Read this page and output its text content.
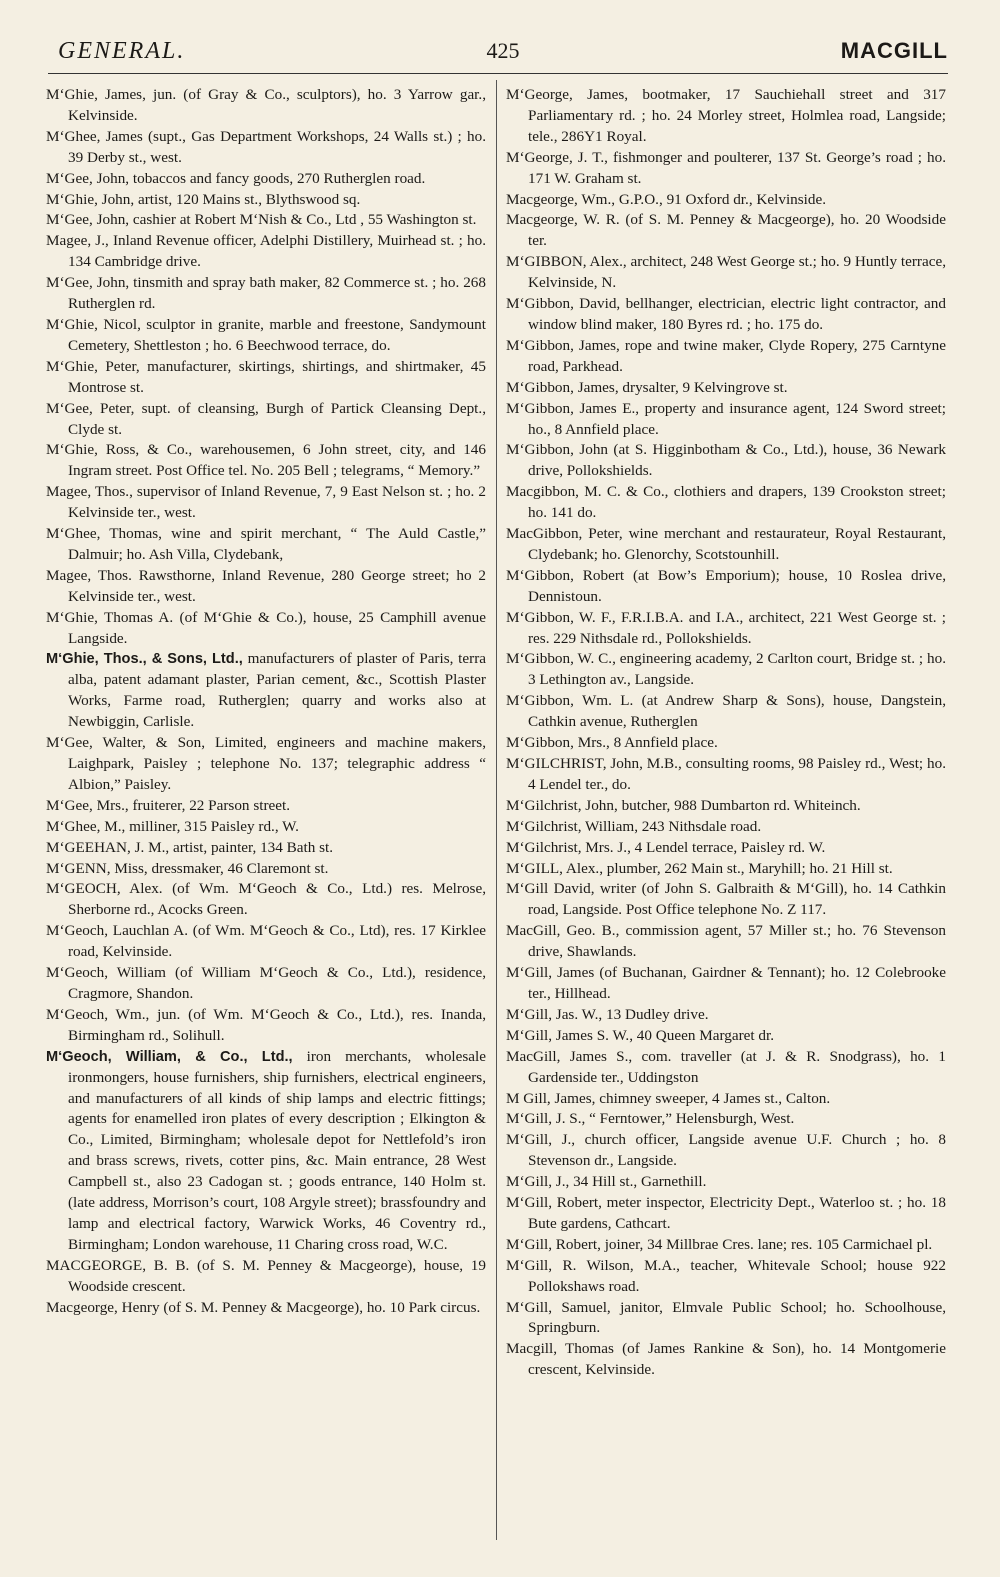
425
GENERAL.	MACGILL

M‘Ghie, James, jun. (of Gray & Co., sculptors), ho. 3 Yarrow gar., Kelvinside.

M‘Ghee, James (supt., Gas Department Workshops, 24 Walls st.) ; ho. 39 Derby st., west.

M‘Gee, John, tobaccos and fancy goods, 270 Rutherglen road.

M‘Ghie, John, artist, 120 Mains st., Blythswood sq.

M‘Gee, John, cashier at Robert M‘Nish & Co., Ltd , 55 Washington st.

Magee, J., Inland Revenue officer, Adelphi Distillery, Muirhead st. ; ho. 134 Cambridge drive.

M‘Gee, John, tinsmith and spray bath maker, 82 Commerce st. ; ho. 268 Rutherglen rd.

M‘Ghie, Nicol, sculptor in granite, marble and freestone, Sandymount Cemetery, Shettleston ; ho. 6 Beechwood terrace, do.

M‘Ghie, Peter, manufacturer, skirtings, shirtings, and shirtmaker, 45 Montrose st.

M‘Gee, Peter, supt. of cleansing, Burgh of Partick Cleansing Dept., Clyde st.

M‘Ghie, Ross, & Co., warehousemen, 6 John street, city, and 146 Ingram street. Post Office tel. No. 205 Bell ; telegrams, “ Memory.”

Magee, Thos., supervisor of Inland Revenue, 7, 9 East Nelson st. ; ho. 2 Kelvinside ter., west.

M‘Ghee, Thomas, wine and spirit merchant, “ The Auld Castle,” Dalmuir; ho. Ash Villa, Clydebank,

Magee, Thos. Rawsthorne, Inland Revenue, 280 George street; ho 2 Kelvinside ter., west.

M‘Ghie, Thomas A. (of M‘Ghie & Co.), house, 25 Camphill avenue Langside.

M‘Ghie, Thos., & Sons, Ltd., manufacturers of plaster of Paris, terra alba, patent adamant plaster, Parian cement, &c., Scottish Plaster Works, Farme road, Rutherglen; quarry and works also at Newbiggin, Carlisle.

M‘Gee, Walter, & Son, Limited, engineers and machine makers, Laighpark, Paisley ; telephone No. 137; telegraphic address “ Albion,” Paisley.

M‘Gee, Mrs., fruiterer, 22 Parson street.

M‘Ghee, M., milliner, 315 Paisley rd., W.

M‘GEEHAN, J. M., artist, painter, 134 Bath st.

M‘GENN, Miss, dressmaker, 46 Claremont st.

M‘GEOCH, Alex. (of Wm. M‘Geoch & Co., Ltd.) res. Melrose, Sherborne rd., Acocks Green.

M‘Geoch, Lauchlan A. (of Wm. M‘Geoch & Co., Ltd), res. 17 Kirklee road, Kelvinside.

M‘Geoch, William (of William M‘Geoch & Co., Ltd.), residence, Cragmore, Shandon.

M‘Geoch, Wm., jun. (of Wm. M‘Geoch & Co., Ltd.), res. Inanda, Birmingham rd., Solihull.

M‘Geoch, William, & Co., Ltd., iron merchants, wholesale ironmongers, house furnishers, ship furnishers, electrical engineers, and manufacturers of all kinds of ship lamps and electric fittings; agents for enamelled iron plates of every description ; Elkington & Co., Limited, Birmingham; wholesale depot for Nettlefold’s iron and brass screws, rivets, cotter pins, &c. Main entrance, 28 West Campbell st., also 23 Cadogan st. ; goods entrance, 140 Holm st. (late address, Morrison’s court, 108 Argyle street); brassfoundry and lamp and electrical factory, Warwick Works, 46 Coventry rd., Birmingham; London warehouse, 11 Charing cross road, W.C.

MACGEORGE, B. B. (of S. M. Penney & Macgeorge), house, 19 Woodside crescent.

Macgeorge, Henry (of S. M. Penney & Macgeorge), ho. 10 Park circus.

M‘George, James, bootmaker, 17 Sauchiehall street and 317 Parliamentary rd. ; ho. 24 Morley street, Holmlea road, Langside; tele., 286Y1 Royal.

M‘George, J. T., fishmonger and poulterer, 137 St. George’s road ; ho. 171 W. Graham st.

Macgeorge, Wm., G.P.O., 91 Oxford dr., Kelvinside.

Macgeorge, W. R. (of S. M. Penney & Macgeorge), ho. 20 Woodside ter.

M‘GIBBON, Alex., architect, 248 West George st.; ho. 9 Huntly terrace, Kelvinside, N.

M‘Gibbon, David, bellhanger, electrician, electric light contractor, and window blind maker, 180 Byres rd. ; ho. 175 do.

M‘Gibbon, James, rope and twine maker, Clyde Ropery, 275 Carntyne road, Parkhead.

M‘Gibbon, James, drysalter, 9 Kelvingrove st.

M‘Gibbon, James E., property and insurance agent, 124 Sword street; ho., 8 Annfield place.

M‘Gibbon, John (at S. Higginbotham & Co., Ltd.), house, 36 Newark drive, Pollokshields.

Macgibbon, M. C. & Co., clothiers and drapers, 139 Crookston street; ho. 141 do.

MacGibbon, Peter, wine merchant and restaurateur, Royal Restaurant, Clydebank; ho. Glenorchy, Scotstounhill.

M‘Gibbon, Robert (at Bow’s Emporium); house, 10 Roslea drive, Dennistoun.

M‘Gibbon, W. F., F.R.I.B.A. and I.A., architect, 221 West George st. ; res. 229 Nithsdale rd., Pollokshields.

M‘Gibbon, W. C., engineering academy, 2 Carlton court, Bridge st. ; ho. 3 Lethington av., Langside.

M‘Gibbon, Wm. L. (at Andrew Sharp & Sons), house, Dangstein, Cathkin avenue, Rutherglen

M‘Gibbon, Mrs., 8 Annfield place.

M‘GILCHRIST, John, M.B., consulting rooms, 98 Paisley rd., West; ho. 4 Lendel ter., do.

M‘Gilchrist, John, butcher, 988 Dumbarton rd. Whiteinch.

M‘Gilchrist, William, 243 Nithsdale road.

M‘Gilchrist, Mrs. J., 4 Lendel terrace, Paisley rd. W.

M‘GILL, Alex., plumber, 262 Main st., Maryhill; ho. 21 Hill st.

M‘Gill David, writer (of John S. Galbraith & M‘Gill), ho. 14 Cathkin road, Langside. Post Office telephone No. Z 117.

MacGill, Geo. B., commission agent, 57 Miller st.; ho. 76 Stevenson drive, Shawlands.

M‘Gill, James (of Buchanan, Gairdner & Tennant); ho. 12 Colebrooke ter., Hillhead.

M‘Gill, Jas. W., 13 Dudley drive.

M‘Gill, James S. W., 40 Queen Margaret dr.

MacGill, James S., com. traveller (at J. & R. Snodgrass), ho. 1 Gardenside ter., Uddingston

M Gill, James, chimney sweeper, 4 James st., Calton.

M‘Gill, J. S., “ Ferntower,” Helensburgh, West.

M‘Gill, J., church officer, Langside avenue U.F. Church ; ho. 8 Stevenson dr., Langside.

M‘Gill, J., 34 Hill st., Garnethill.

M‘Gill, Robert, meter inspector, Electricity Dept., Waterloo st. ; ho. 18 Bute gardens, Cathcart.

M‘Gill, Robert, joiner, 34 Millbrae Cres. lane; res. 105 Carmichael pl.

M‘Gill, R. Wilson, M.A., teacher, Whitevale School; house 922 Pollokshaws road.

M‘Gill, Samuel, janitor, Elmvale Public School; ho. Schoolhouse, Springburn.

Macgill, Thomas (of James Rankine & Son), ho. 14 Montgomerie crescent, Kelvinside.
